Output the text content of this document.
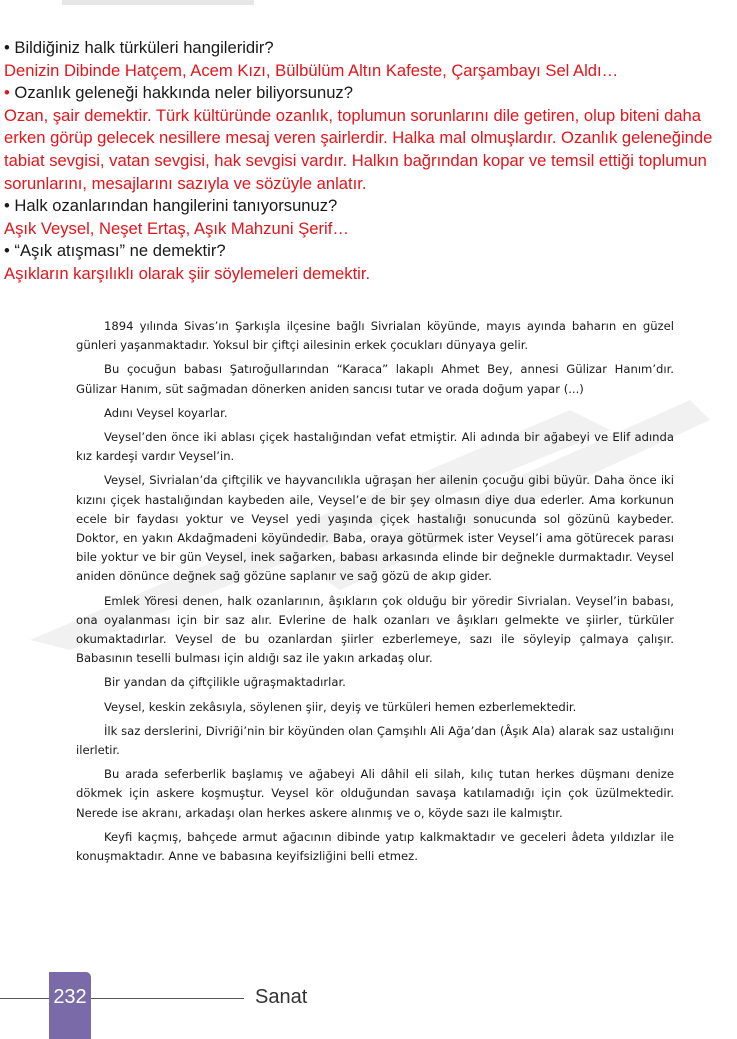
• Bildiğiniz halk türküleri hangileridir?
Denizin Dibinde Hatçem, Acem Kızı, Bülbülüm Altın Kafeste, Çarşambayı Sel Aldı…
• Ozanlık geleneği hakkında neler biliyorsunuz?
Ozan, şair demektir. Türk kültüründe ozanlık, toplumun sorunlarını dile getiren, olup biteni daha erken görüp gelecek nesillere mesaj veren şairlerdir. Halka mal olmuşlardır. Ozanlık geleneğinde tabiat sevgisi, vatan sevgisi, hak sevgisi vardır. Halkın bağrından kopar ve temsil ettiği toplumun sorunlarını, mesajlarını sazıyla ve sözüyle anlatır.
• Halk ozanlarından hangilerini tanıyorsunuz?
Aşık Veysel, Neşet Ertaş, Aşık Mahzuni Şerif…
• “Aşık atışması” ne demektir?
Aşıkların karşılıklı olarak şiir söylemeleri demektir.

1894 yılında Sivas’ın Şarkışla ilçesine bağlı Sivrialan köyünde, mayıs ayında baharın en güzel günleri yaşanmaktadır. Yoksul bir çiftçi ailesinin erkek çocukları dünyaya gelir.

Bu çocuğun babası Şatıroğullarından “Karaca” lakaplı Ahmet Bey, annesi Gülizar Hanım’dır. Gülizar Hanım, süt sağmadan dönerken aniden sancısı tutar ve orada doğum yapar (...)

Adını Veysel koyarlar.

Veysel’den önce iki ablası çiçek hastalığından vefat etmiştir. Ali adında bir ağabeyi ve Elif adında kız kardeşi vardır Veysel’in.

Veysel, Sivrialan’da çiftçilik ve hayvancılıkla uğraşan her ailenin çocuğu gibi büyür. Daha önce iki kızını çiçek hastalığından kaybeden aile, Veysel’e de bir şey olmasın diye dua ederler. Ama korkunun ecele bir faydası yoktur ve Veysel yedi yaşında çiçek hastalığı sonucunda sol gözünü kaybeder. Doktor, en yakın Akdağmadeni köyündedir. Baba, oraya götürmek ister Veysel’i ama götürecek parası bile yoktur ve bir gün Veysel, inek sağarken, babası arkasında elinde bir değnekle durmaktadır. Veysel aniden dönünce değnek sağ gözüne saplanır ve sağ gözü de akıp gider.

Emlek Yöresi denen, halk ozanlarının, âşıkların çok olduğu bir yöredir Sivrialan. Veysel’in babası, ona oyalanması için bir saz alır. Evlerine de halk ozanları ve âşıkları gelmekte ve şiirler, türküler okumaktadırlar. Veysel de bu ozanlardan şiirler ezberlemeye, sazı ile söyleyip çalmaya çalışır. Babasının teselli bulması için aldığı saz ile yakın arkadaş olur.

Bir yandan da çiftçilikle uğraşmaktadırlar.

Veysel, keskin zekâsıyla, söylenen şiir, deyiş ve türküleri hemen ezberlemektedir.

İlk saz derslerini, Divriği’nin bir köyünden olan Çamşıhlı Ali Ağa’dan (Âşık Ala) alarak saz ustalığını ilerletir.

Bu arada seferberlik başlamış ve ağabeyi Ali dâhil eli silah, kılıç tutan herkes düşmanı denize dökmek için askere koşmuştur. Veysel kör olduğundan savaşa katılamadığı için çok üzülmektedir. Nerede ise akranı, arkadaşı olan herkes askere alınmış ve o, köyde sazı ile kalmıştır.

Keyfi kaçmış, bahçede armut ağacının dibinde yatıp kalkmaktadır ve geceleri âdeta yıldızlar ile konuşmaktadır. Anne ve babasına keyifsizliğini belli etmez.

232	Sanat
